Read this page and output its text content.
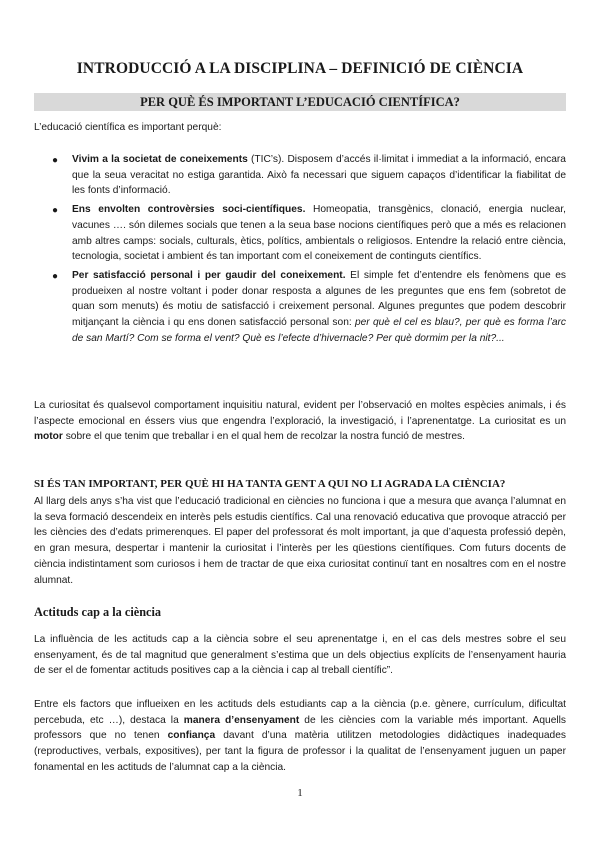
INTRODUCCIÓ A LA DISCIPLINA – DEFINICIÓ DE CIÈNCIA
PER QUÈ ÉS IMPORTANT L’EDUCACIÓ CIENTÍFICA?
L’educació científica es important perquè:
● Vivim a la societat de coneixements (TIC’s). Disposem d’accés il·limitat i immediat a la informació, encara que la seua veracitat no estiga garantida. Això fa necessari que siguem capaços d’identificar la fiabilitat de les fonts d’informació.
● Ens envolten controvèrsies soci-científiques. Homeopatia, transgènics, clonació, energia nuclear, vacunes …. són dilemes socials que tenen a la seua base nocions científiques però que a més es relacionen amb altres camps: socials, culturals, ètics, polítics, ambientals o religiosos. Entendre la relació entre ciència, tecnologia, societat i ambient és tan important com el coneixement de continguts científics.
● Per satisfacció personal i per gaudir del coneixement. El simple fet d’entendre els fenòmens que es produeixen al nostre voltant i poder donar resposta a algunes de les preguntes que ens fem (sobretot de quan som menuts) és motiu de satisfacció i creixement personal. Algunes preguntes que podem descobrir mitjançant la ciència i qu ens donen satisfacció personal son: per què el cel es blau?, per què es forma l’arc de san Martí? Com se forma el vent? Què es l’efecte d’hivernacle? Per què dormim per la nit?...
La curiositat és qualsevol comportament inquisitiu natural, evident per l’observació en moltes espècies animals, i és l’aspecte emocional en éssers vius que engendra l’exploració, la investigació, i l’aprenentatge. La curiositat es un motor sobre el que tenim que treballar i en el qual hem de recolzar la nostra funció de mestres.
SI ÉS TAN IMPORTANT, PER QUÈ HI HA TANTA GENT A QUI NO LI AGRADA LA CIÈNCIA?
Al llarg dels anys s’ha vist que l’educació tradicional en ciències no funciona i que a mesura que avança l’alumnat en la seva formació descendeix en interès pels estudis científics. Cal una renovació educativa que provoque atracció per les ciències des d’edats primerenques. El paper del professorat és molt important, ja que d’aquesta professió depèn, en gran mesura, despertar i mantenir la curiositat i l’interès per les qüestions científiques. Com futurs docents de ciència indistintament som curiosos i hem de tractar de que eixa curiositat continuï tant en nosaltres com en el nostre alumnat.
Actituds cap a la ciència
La influència de les actituds cap a la ciència sobre el seu aprenentatge i, en el cas dels mestres sobre el seu ensenyament, és de tal magnitud que generalment s’estima que un dels objectius explícits de l’ensenyament hauria de ser el de fomentar actituds positives cap a la ciència i cap al treball científic”.
Entre els factors que influeixen en les actituds dels estudiants cap a la ciència (p.e. gènere, currículum, dificultat percebuda, etc …), destaca la manera d’ensenyament de les ciències com la variable més important. Aquells professors que no tenen confiança davant d’una matèria utilitzen metodologies didàctiques inadequades (reproductives, verbals, expositives), per tant la figura de professor i la qualitat de l’ensenyament juguen un paper fonamental en les actituds de l’alumnat cap a la ciència.
1
